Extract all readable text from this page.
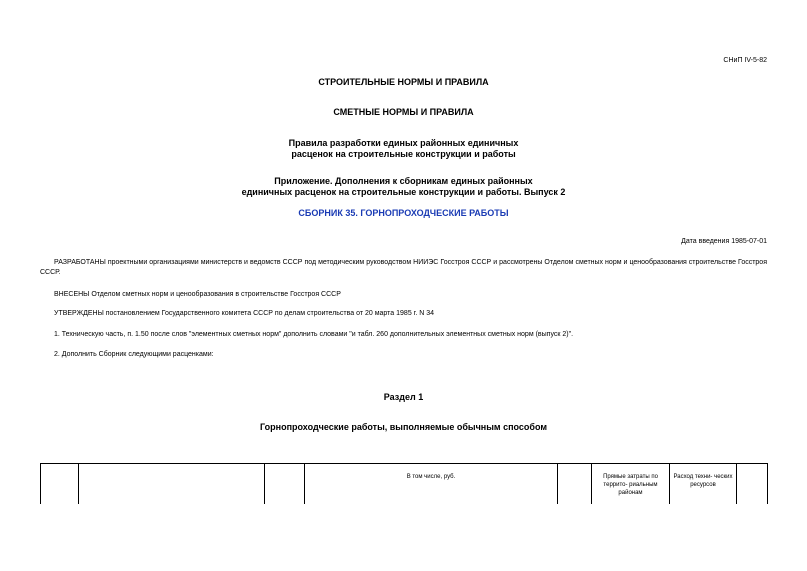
СНиП IV-5-82
СТРОИТЕЛЬНЫЕ НОРМЫ И ПРАВИЛА
СМЕТНЫЕ НОРМЫ И ПРАВИЛА
Правила разработки единых районных единичных
расценок на строительные конструкции и работы
Приложение. Дополнения к сборникам единых районных
единичных расценок на строительные конструкции и работы. Выпуск 2
СБОРНИК 35. ГОРНОПРОХОДЧЕСКИЕ РАБОТЫ
Дата введения 1985-07-01
РАЗРАБОТАНЫ проектными организациями министерств и ведомств СССР под методическим руководством НИИЭС Госстроя СССР и рассмотрены Отделом сметных норм и ценообразования строительстве Госстроя СССР.
ВНЕСЕНЫ Отделом сметных норм и ценообразования в строительстве Госстроя СССР
УТВЕРЖДЕНЫ постановлением Государственного комитета СССР по делам строительства от 20 марта 1985 г. N 34
1. Техническую часть, п. 1.50 после слов "элементных сметных норм" дополнить словами "и табл. 260 дополнительных элементных сметных норм (выпуск 2)".
2. Дополнить Сборник следующими расценками:
Раздел 1
Горнопроходческие работы, выполняемые обычным способом
В том числе, руб.	Прямые затраты по террито- риальным районам
Расход техни- ческих ресурсов
